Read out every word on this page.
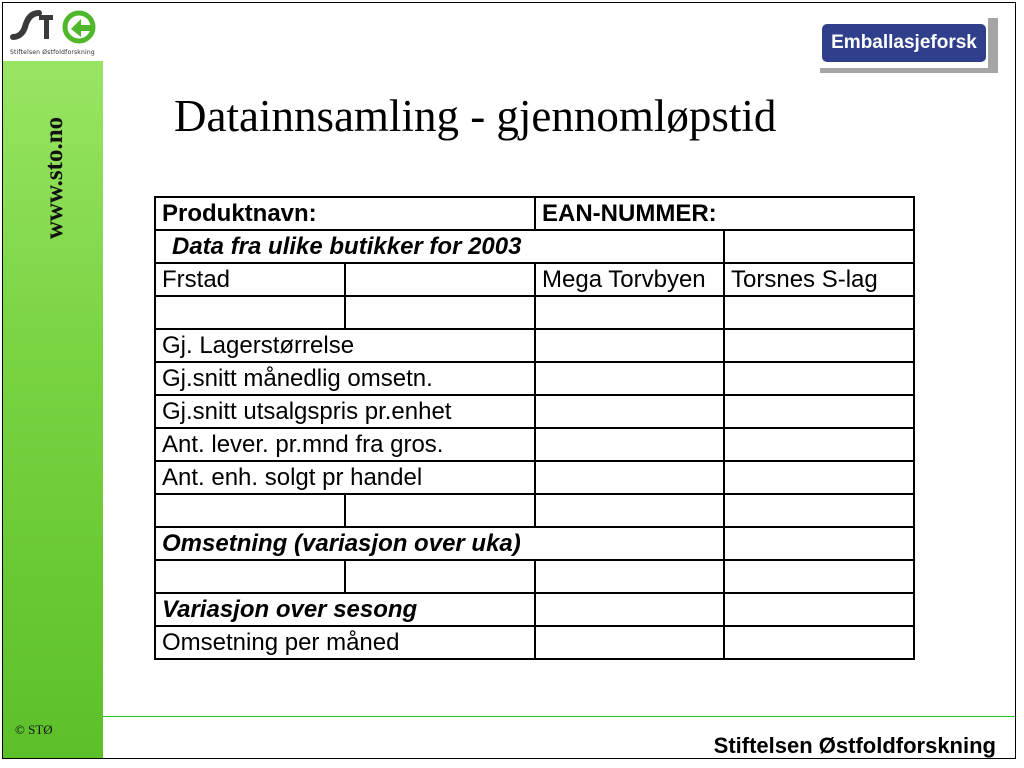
Stiftelsen Østfoldforskning
www.sto.no
© STØ
Emballasjeforsk
Datainnsamling - gjennomløpstid
Produktnavn:		EAN-NUMMER:	
Data fra ulike butikker for 2003			
Frstad		Mega Torvbyen	Torsnes S-lag

Gj. Lagerstørrelse			
Gj.snitt månedlig omsetn.			
Gj.snitt utsalgspris pr.enhet			
Ant. lever. pr.mnd fra gros.			
Ant. enh. solgt pr handel			

Omsetning (variasjon over uka)			

Variasjon over sesong			
Omsetning per måned			
Stiftelsen Østfoldforskning
